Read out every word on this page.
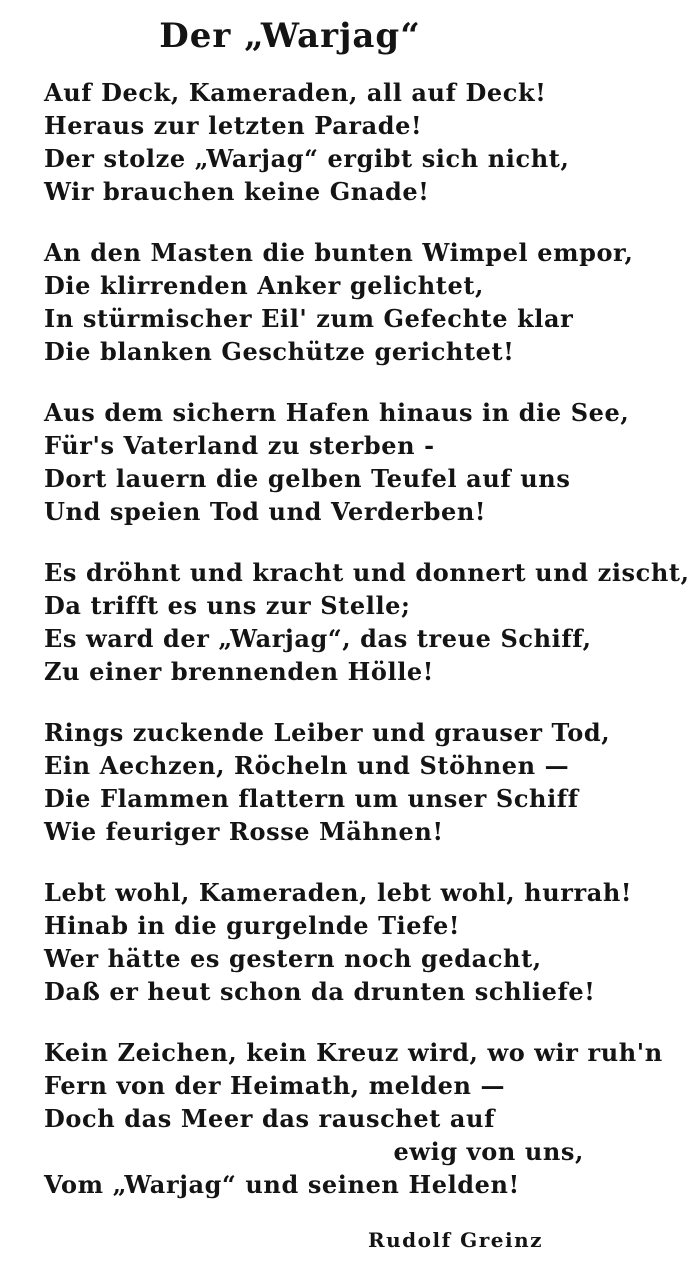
Der „Warjag“
Auf Deck, Kameraden, all auf Deck!
Heraus zur letzten Parade!
Der stolze „Warjag“ ergibt sich nicht,
Wir brauchen keine Gnade!
An den Masten die bunten Wimpel empor,
Die klirrenden Anker gelichtet,
In stürmischer Eil' zum Gefechte klar
Die blanken Geschütze gerichtet!
Aus dem sichern Hafen hinaus in die See,
Für's Vaterland zu sterben -
Dort lauern die gelben Teufel auf uns
Und speien Tod und Verderben!
Es dröhnt und kracht und donnert und zischt,
Da trifft es uns zur Stelle;
Es ward der „Warjag“, das treue Schiff,
Zu einer brennenden Hölle!
Rings zuckende Leiber und grauser Tod,
Ein Aechzen, Röcheln und Stöhnen —
Die Flammen flattern um unser Schiff
Wie feuriger Rosse Mähnen!
Lebt wohl, Kameraden, lebt wohl, hurrah!
Hinab in die gurgelnde Tiefe!
Wer hätte es gestern noch gedacht,
Daß er heut schon da drunten schliefe!
Kein Zeichen, kein Kreuz wird, wo wir ruh'n
Fern von der Heimath, melden —
Doch das Meer das rauschet auf
ewig von uns,
Vom „Warjag“ und seinen Helden!
Rudolf Greinz
